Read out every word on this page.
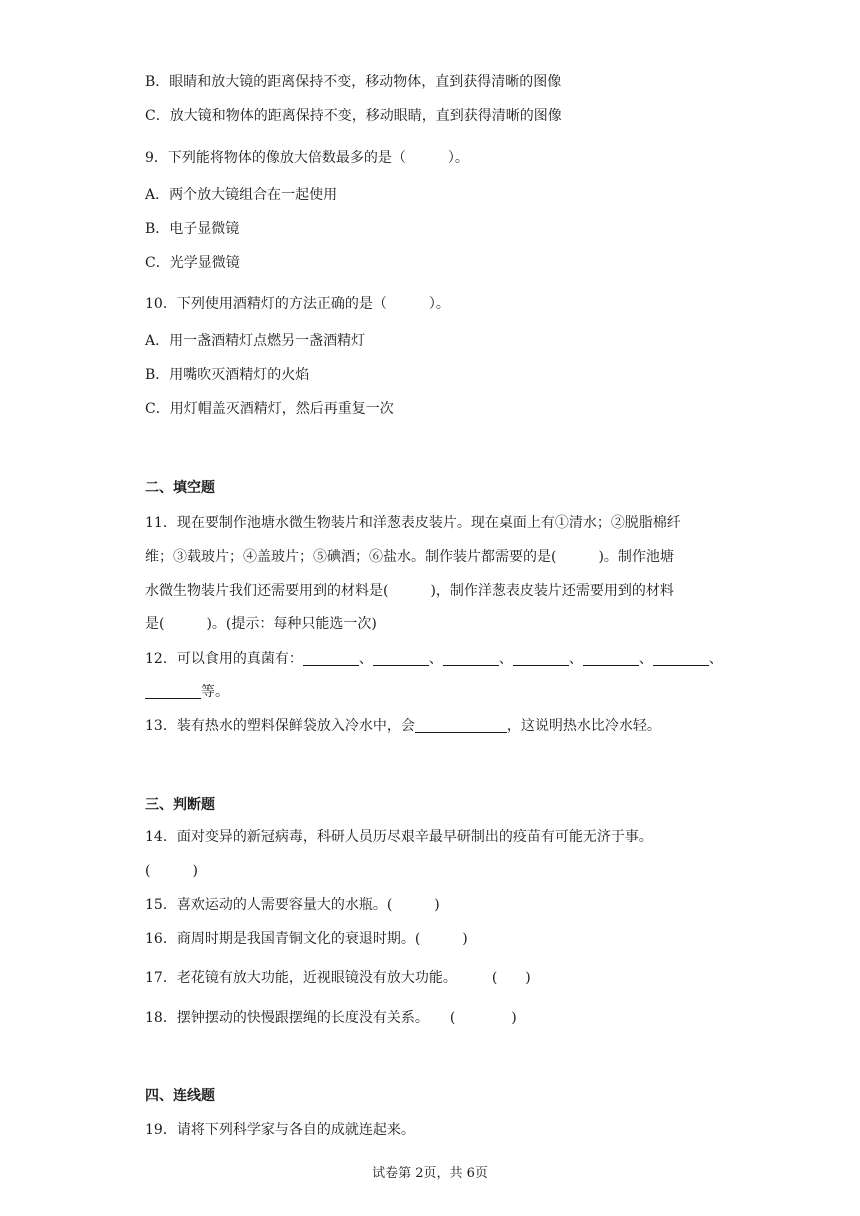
B．眼睛和放大镜的距离保持不变，移动物体，直到获得清晰的图像
C．放大镜和物体的距离保持不变，移动眼睛，直到获得清晰的图像
9．下列能将物体的像放大倍数最多的是（　　　）。
A．两个放大镜组合在一起使用
B．电子显微镜
C．光学显微镜
10．下列使用酒精灯的方法正确的是（　　　）。
A．用一盏酒精灯点燃另一盏酒精灯
B．用嘴吹灭酒精灯的火焰
C．用灯帽盖灭酒精灯，然后再重复一次
二、填空题
11．现在要制作池塘水微生物装片和洋葱表皮装片。现在桌面上有①清水；②脱脂棉纤
维；③载玻片；④盖玻片；⑤碘酒；⑥盐水。制作装片都需要的是(　　　)。制作池塘
水微生物装片我们还需要用到的材料是(　　　)，制作洋葱表皮装片还需要用到的材料
是(　　　)。(提示：每种只能选一次)
12．可以食用的真菌有：	、	、	、	、	、	、
等。
13．装有热水的塑料保鲜袋放入冷水中，会	，这说明热水比冷水轻。
三、判断题
14．面对变异的新冠病毒，科研人员历尽艰辛最早研制出的疫苗有可能无济于事。
(　　　)
15．喜欢运动的人需要容量大的水瓶。(　　　)
16．商周时期是我国青铜文化的衰退时期。(　　　)
17．老花镜有放大功能，近视眼镜没有放大功能。　　　(　　)
18．摆钟摆动的快慢跟摆绳的长度没有关系。　　(　　　　)
四、连线题
19．请将下列科学家与各自的成就连起来。
试卷第 2页，共 6页
